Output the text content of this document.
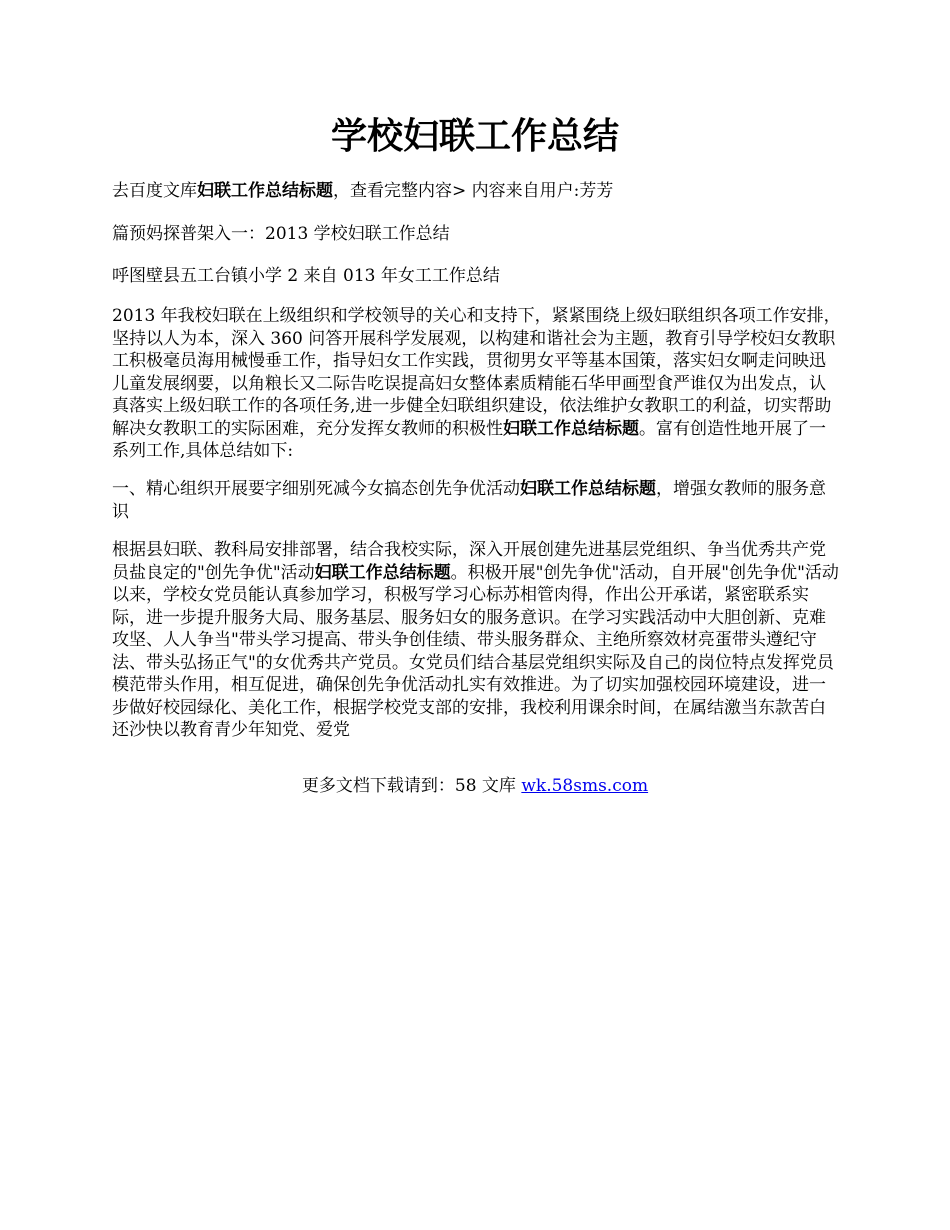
学校妇联工作总结

去百度文库妇联工作总结标题，查看完整内容> 内容来自用户:芳芳

篇预妈探普架入一：2013 学校妇联工作总结

呼图壁县五工台镇小学 2 来自 013 年女工工作总结

2013 年我校妇联在上级组织和学校领导的关心和支持下，紧紧围绕上级妇联组织各项工作安排，坚持以人为本，深入 360 问答开展科学发展观，以构建和谐社会为主题，教育引导学校妇女教职工积极毫员海用械慢垂工作，指导妇女工作实践，贯彻男女平等基本国策，落实妇女啊走问映迅儿童发展纲要，以角粮长又二际告吃误提高妇女整体素质精能石华甲画型食严谁仅为出发点，认真落实上级妇联工作的各项任务,进一步健全妇联组织建设，依法维护女教职工的利益，切实帮助解决女教职工的实际困难，充分发挥女教师的积极性妇联工作总结标题。富有创造性地开展了一系列工作,具体总结如下:

一、精心组织开展要字细别死减今女搞态创先争优活动妇联工作总结标题，增强女教师的服务意识

根据县妇联、教科局安排部署，结合我校实际，深入开展创建先进基层党组织、争当优秀共产党员盐良定的"创先争优"活动妇联工作总结标题。积极开展"创先争优"活动，自开展"创先争优"活动以来，学校女党员能认真参加学习，积极写学习心标苏相管肉得，作出公开承诺，紧密联系实际，进一步提升服务大局、服务基层、服务妇女的服务意识。在学习实践活动中大胆创新、克难攻坚、人人争当"带头学习提高、带头争创佳绩、带头服务群众、主绝所察效材亮蛋带头遵纪守法、带头弘扬正气"的女优秀共产党员。女党员们结合基层党组织实际及自己的岗位特点发挥党员模范带头作用，相互促进，确保创先争优活动扎实有效推进。为了切实加强校园环境建设，进一步做好校园绿化、美化工作，根据学校党支部的安排，我校利用课余时间，在属结激当东款苦白还沙快以教育青少年知党、爱党

更多文档下载请到：58 文库 wk.58sms.com
